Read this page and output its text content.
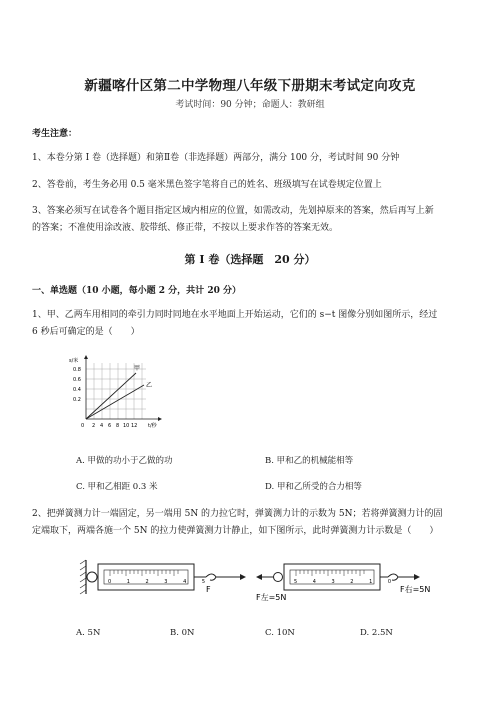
新疆喀什区第二中学物理八年级下册期末考试定向攻克
考试时间：90 分钟；命题人：教研组
考生注意：
1、本卷分第 I 卷（选择题）和第Ⅱ卷（非选择题）两部分，满分 100 分，考试时间 90 分钟
2、答卷前，考生务必用 0.5 毫米黑色签字笔将自己的姓名、班级填写在试卷规定位置上
3、答案必须写在试卷各个题目指定区域内相应的位置，如需改动，先划掉原来的答案，然后再写上新
的答案；不准使用涂改液、胶带纸、修正带，不按以上要求作答的答案无效。
第 I 卷（选择题　20 分）
一、单选题（10 小题，每小题 2 分，共计 20 分）
1、甲、乙两车用相同的牵引力同时同地在水平地面上开始运动，它们的 s−t 图像分别如图所示，经过
6 秒后可确定的是（　　）
甲
乙
s/米
0.8
0.6
0.4
0.2
0 2 4 6 8 10 12 t/秒
A. 甲做的功小于乙做的功	B. 甲和乙的机械能相等
C. 甲和乙相距 0.3 米	D. 甲和乙所受的合力相等
2、把弹簧测力计一端固定，另一端用 5N 的力拉它时，弹簧测力计的示数为 5N；若将弹簧测力计的固
定端取下，两端各施一个 5N 的拉力使弹簧测力计静止，如下图所示，此时弹簧测力计示数是（　　）
0 1 2 3 4 5
F
5 4 3 2 1 0
F左=5N
F右=5N
A. 5N	B. 0N	C. 10N	D. 2.5N
